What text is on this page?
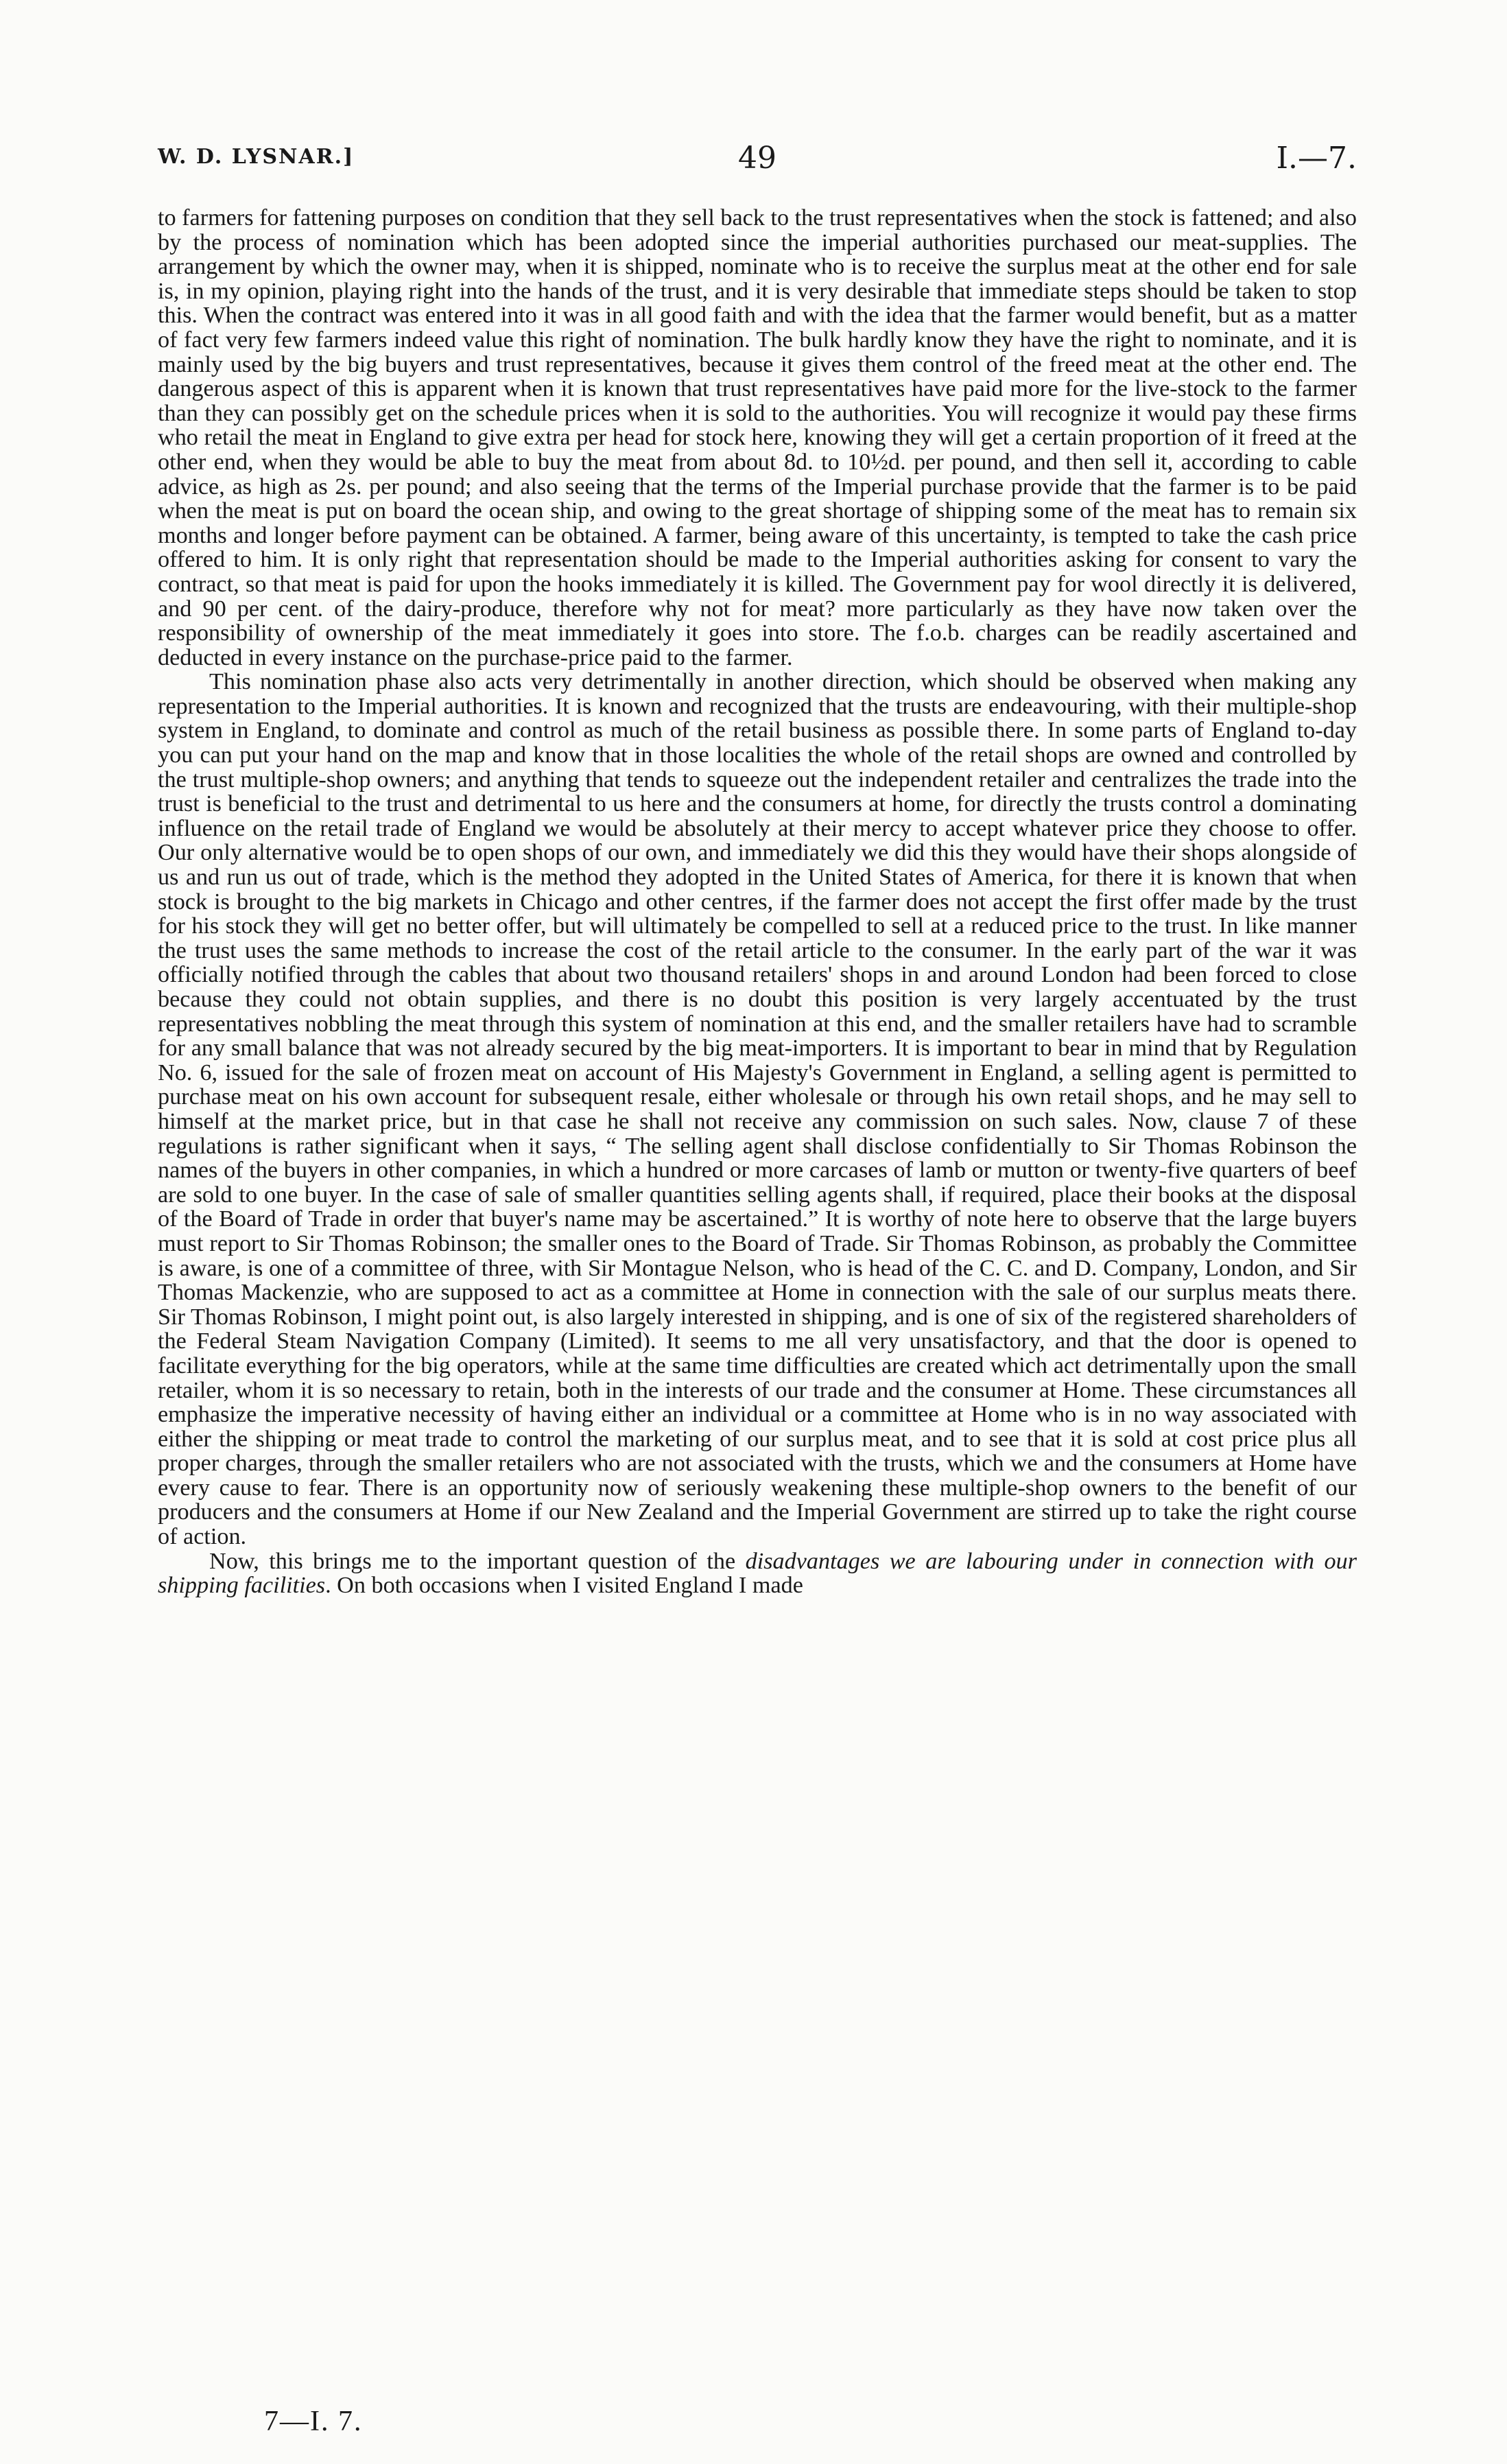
W. D. LYSNAR.]	49	I.—7.

to farmers for fattening purposes on condition that they sell back to the trust representatives when the stock is fattened; and also by the process of nomination which has been adopted since the imperial authorities purchased our meat-supplies. The arrangement by which the owner may, when it is shipped, nominate who is to receive the surplus meat at the other end for sale is, in my opinion, playing right into the hands of the trust, and it is very desirable that immediate steps should be taken to stop this. When the contract was entered into it was in all good faith and with the idea that the farmer would benefit, but as a matter of fact very few farmers indeed value this right of nomination. The bulk hardly know they have the right to nominate, and it is mainly used by the big buyers and trust representatives, because it gives them control of the freed meat at the other end. The dangerous aspect of this is apparent when it is known that trust representatives have paid more for the live-stock to the farmer than they can possibly get on the schedule prices when it is sold to the authorities. You will recognize it would pay these firms who retail the meat in England to give extra per head for stock here, knowing they will get a certain proportion of it freed at the other end, when they would be able to buy the meat from about 8d. to 10½d. per pound, and then sell it, according to cable advice, as high as 2s. per pound; and also seeing that the terms of the Imperial purchase provide that the farmer is to be paid when the meat is put on board the ocean ship, and owing to the great shortage of shipping some of the meat has to remain six months and longer before payment can be obtained. A farmer, being aware of this uncertainty, is tempted to take the cash price offered to him. It is only right that representation should be made to the Imperial authorities asking for consent to vary the contract, so that meat is paid for upon the hooks immediately it is killed. The Government pay for wool directly it is delivered, and 90 per cent. of the dairy-produce, therefore why not for meat? more particularly as they have now taken over the responsibility of ownership of the meat immediately it goes into store. The f.o.b. charges can be readily ascertained and deducted in every instance on the purchase-price paid to the farmer.

This nomination phase also acts very detrimentally in another direction, which should be observed when making any representation to the Imperial authorities. It is known and recognized that the trusts are endeavouring, with their multiple-shop system in England, to dominate and control as much of the retail business as possible there. In some parts of England to-day you can put your hand on the map and know that in those localities the whole of the retail shops are owned and controlled by the trust multiple-shop owners; and anything that tends to squeeze out the independent retailer and centralizes the trade into the trust is beneficial to the trust and detrimental to us here and the consumers at home, for directly the trusts control a dominating influence on the retail trade of England we would be absolutely at their mercy to accept whatever price they choose to offer. Our only alternative would be to open shops of our own, and immediately we did this they would have their shops alongside of us and run us out of trade, which is the method they adopted in the United States of America, for there it is known that when stock is brought to the big markets in Chicago and other centres, if the farmer does not accept the first offer made by the trust for his stock they will get no better offer, but will ultimately be compelled to sell at a reduced price to the trust. In like manner the trust uses the same methods to increase the cost of the retail article to the consumer. In the early part of the war it was officially notified through the cables that about two thousand retailers' shops in and around London had been forced to close because they could not obtain supplies, and there is no doubt this position is very largely accentuated by the trust representatives nobbling the meat through this system of nomination at this end, and the smaller retailers have had to scramble for any small balance that was not already secured by the big meat-importers. It is important to bear in mind that by Regulation No. 6, issued for the sale of frozen meat on account of His Majesty's Government in England, a selling agent is permitted to purchase meat on his own account for subsequent resale, either wholesale or through his own retail shops, and he may sell to himself at the market price, but in that case he shall not receive any commission on such sales. Now, clause 7 of these regulations is rather significant when it says, “ The selling agent shall disclose confidentially to Sir Thomas Robinson the names of the buyers in other companies, in which a hundred or more carcases of lamb or mutton or twenty-five quarters of beef are sold to one buyer. In the case of sale of smaller quantities selling agents shall, if required, place their books at the disposal of the Board of Trade in order that buyer's name may be ascertained.” It is worthy of note here to observe that the large buyers must report to Sir Thomas Robinson; the smaller ones to the Board of Trade. Sir Thomas Robinson, as probably the Committee is aware, is one of a committee of three, with Sir Montague Nelson, who is head of the C. C. and D. Company, London, and Sir Thomas Mackenzie, who are supposed to act as a committee at Home in connection with the sale of our surplus meats there. Sir Thomas Robinson, I might point out, is also largely interested in shipping, and is one of six of the registered shareholders of the Federal Steam Navigation Company (Limited). It seems to me all very unsatisfactory, and that the door is opened to facilitate everything for the big operators, while at the same time difficulties are created which act detrimentally upon the small retailer, whom it is so necessary to retain, both in the interests of our trade and the consumer at Home. These circumstances all emphasize the imperative necessity of having either an individual or a committee at Home who is in no way associated with either the shipping or meat trade to control the marketing of our surplus meat, and to see that it is sold at cost price plus all proper charges, through the smaller retailers who are not associated with the trusts, which we and the consumers at Home have every cause to fear. There is an opportunity now of seriously weakening these multiple-shop owners to the benefit of our producers and the consumers at Home if our New Zealand and the Imperial Government are stirred up to take the right course of action.

Now, this brings me to the important question of the disadvantages we are labouring under in connection with our shipping facilities. On both occasions when I visited England I made

7—I. 7.
